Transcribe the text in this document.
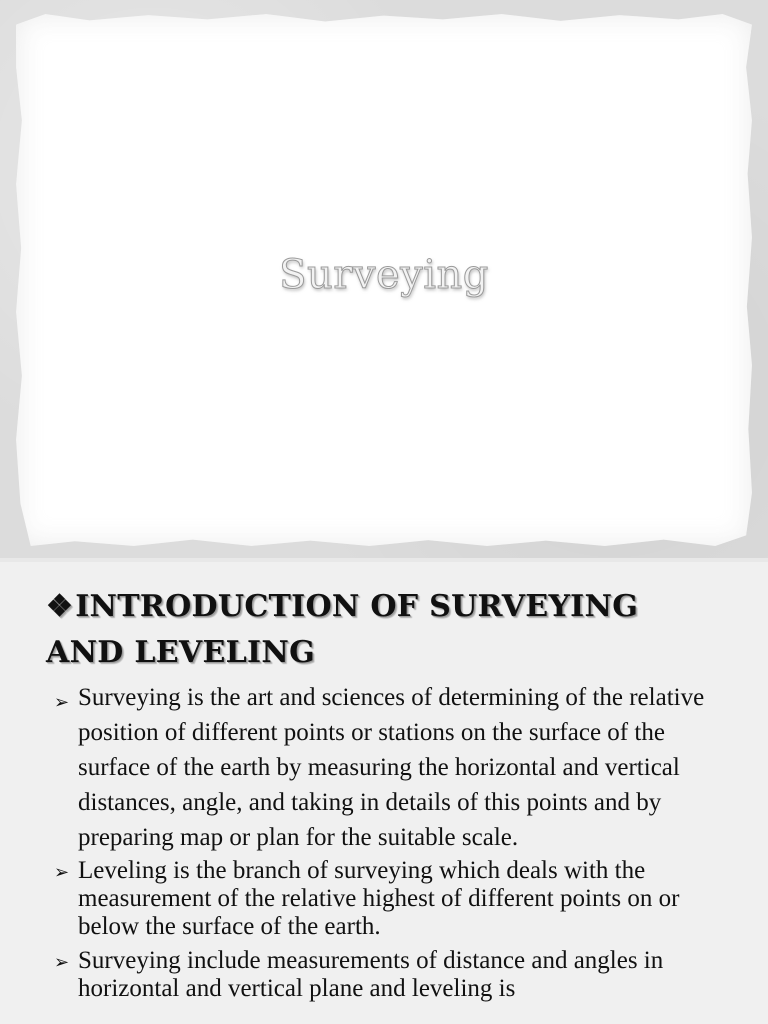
Surveying
❖INTRODUCTION OF SURVEYING AND LEVELING
➢ Surveying is the art and sciences of determining of the relative position of different points or stations on the surface of the surface of the earth by measuring the horizontal and vertical distances, angle, and taking in details of this points and by preparing map or plan for the suitable scale.
➢ Leveling is the branch of surveying which deals with the measurement of the relative highest of different points on or below the surface of the earth.
➢ Surveying include measurements of distance and angles in horizontal and vertical plane and leveling is
